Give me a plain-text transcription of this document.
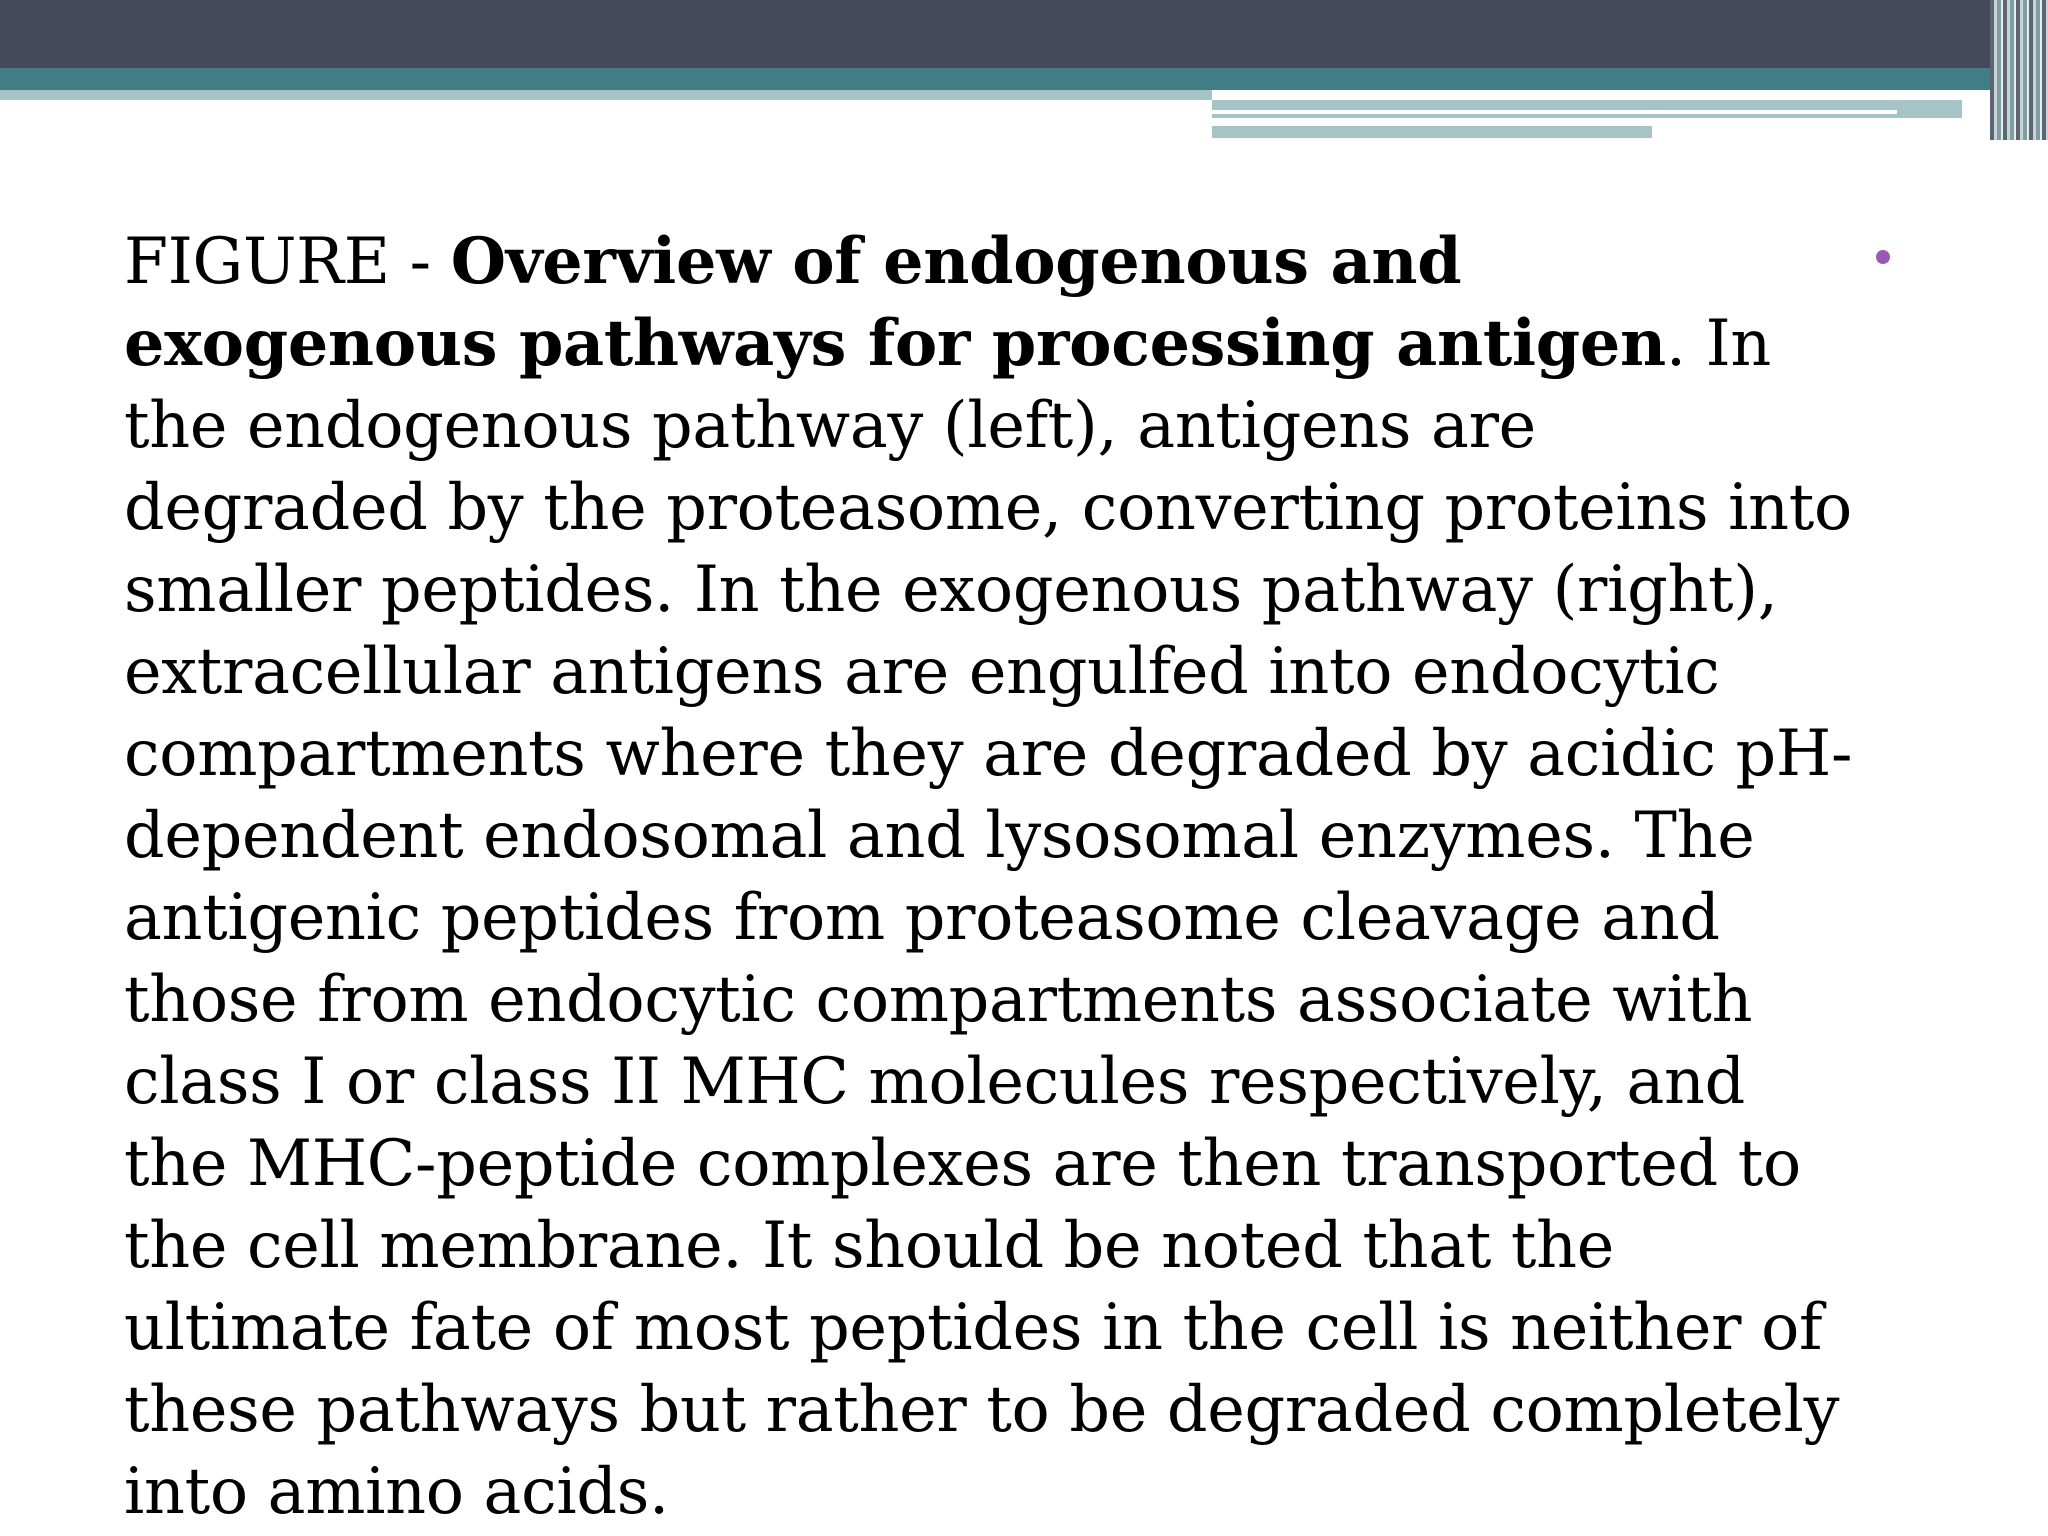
FIGURE - Overview of endogenous and exogenous pathways for processing antigen. In the endogenous pathway (left), antigens are degraded by the proteasome, converting proteins into smaller peptides. In the exogenous pathway (right), extracellular antigens are engulfed into endocytic compartments where they are degraded by acidic pH-dependent endosomal and lysosomal enzymes. The antigenic peptides from proteasome cleavage and those from endocytic compartments associate with class I or class II MHC molecules respectively, and the MHC-peptide complexes are then transported to the cell membrane. It should be noted that the ultimate fate of most peptides in the cell is neither of these pathways but rather to be degraded completely into amino acids.
